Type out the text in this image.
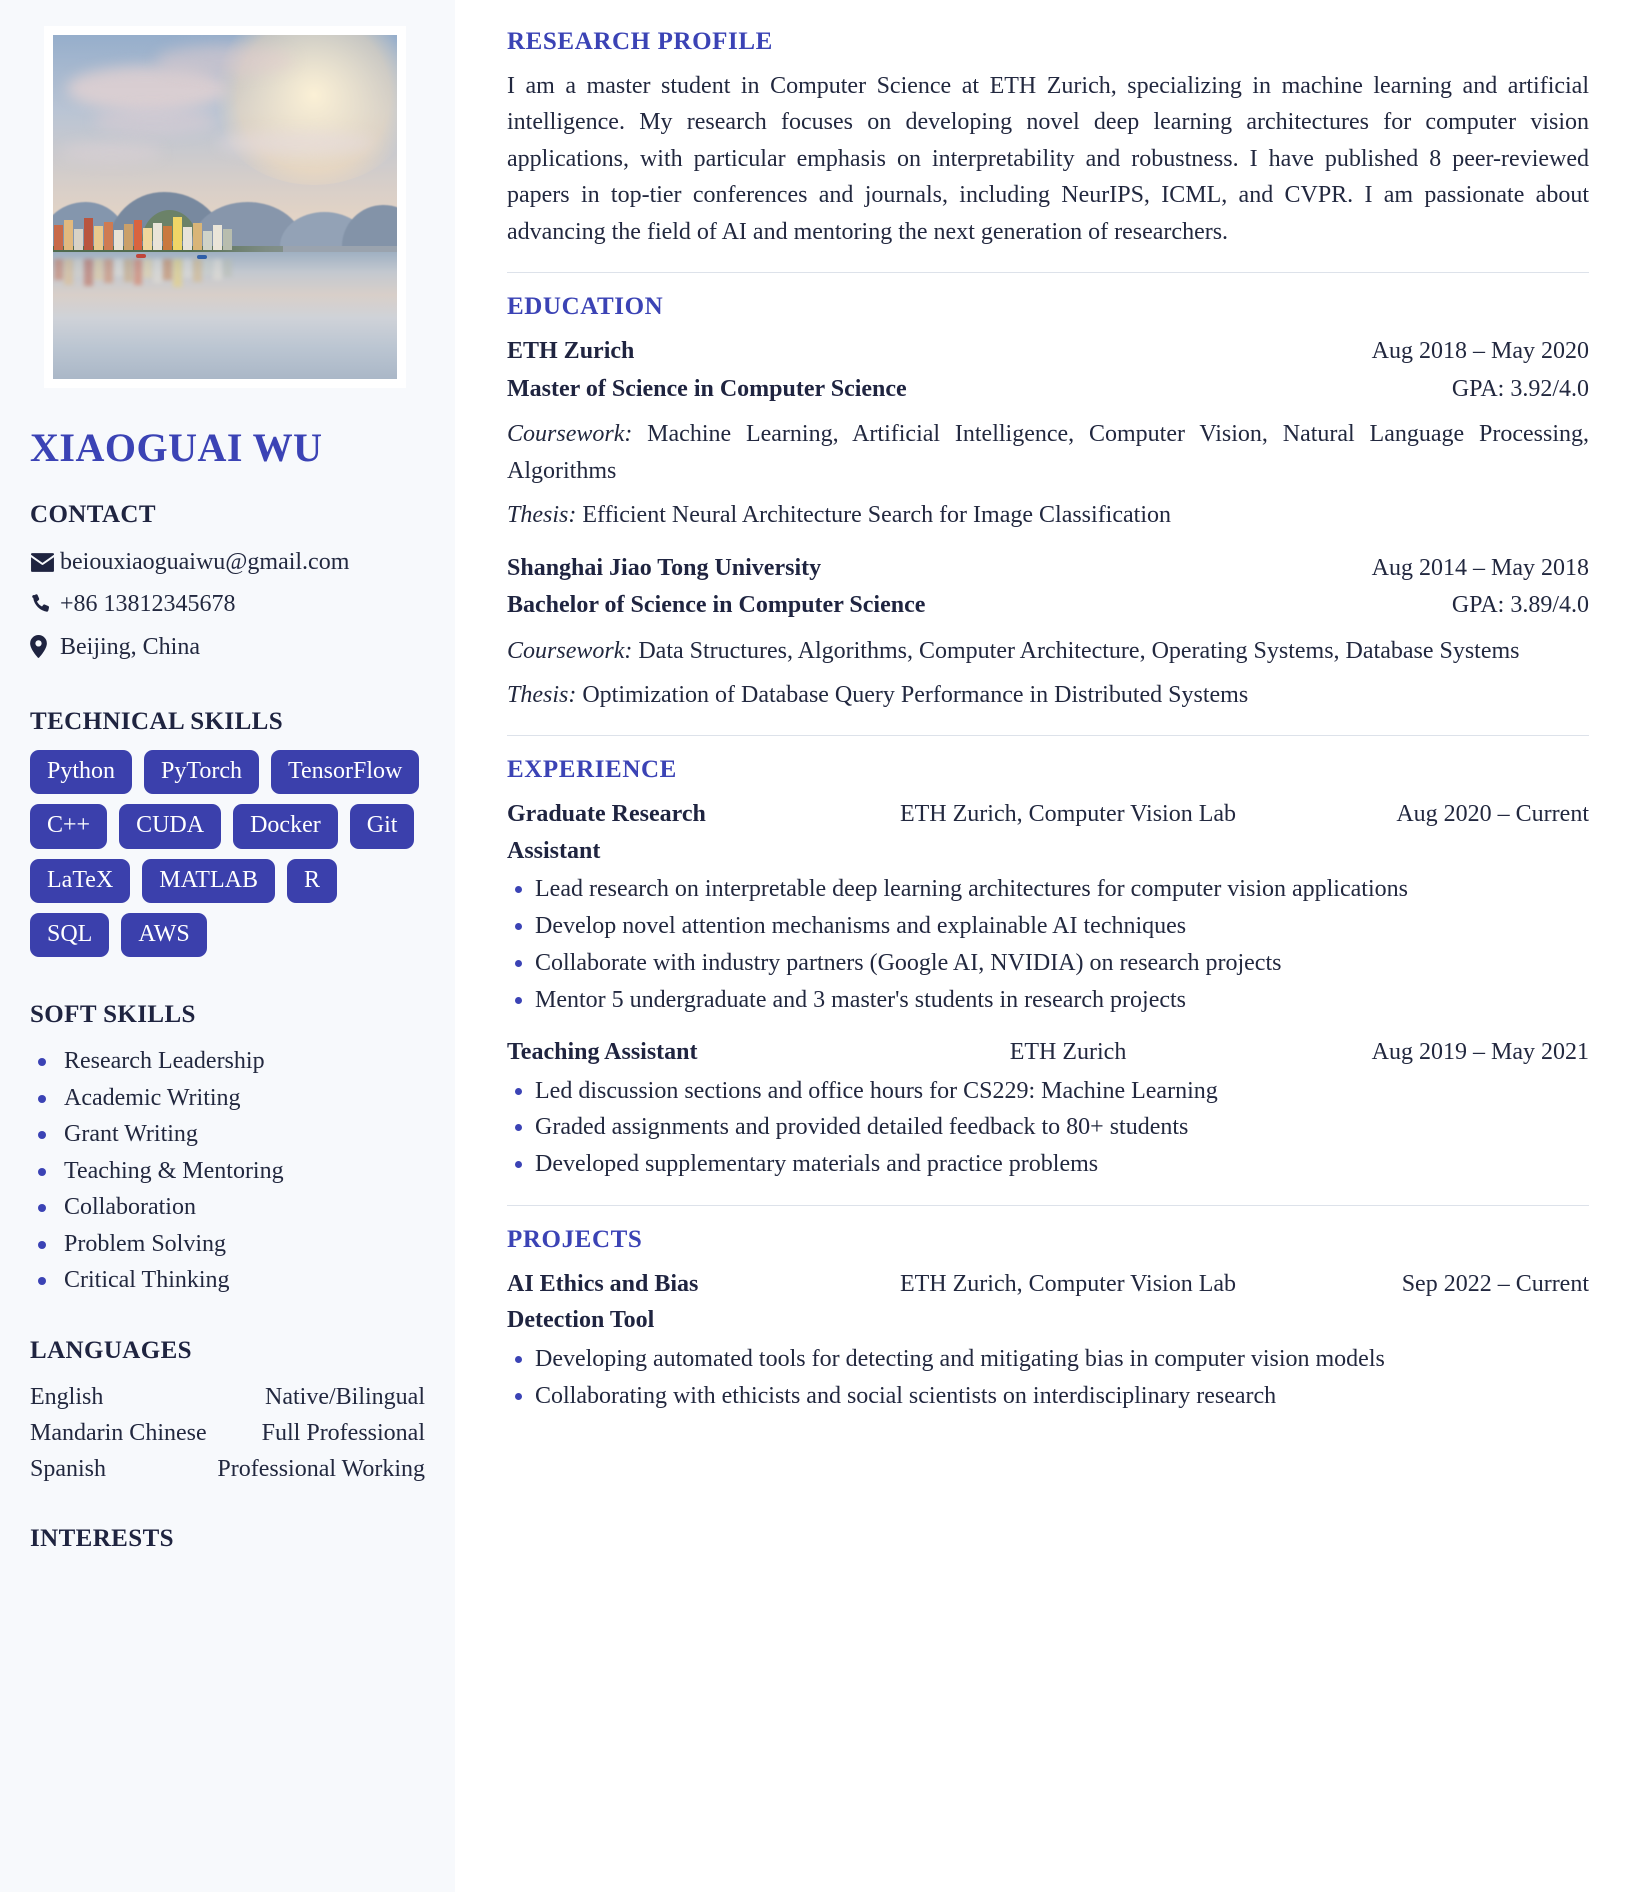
XIAOGUAI WU
CONTACT
beiouxiaoguaiwu@gmail.com
+86 13812345678
Beijing, China
TECHNICAL SKILLS
Python	PyTorch	TensorFlow
C++	CUDA	Docker	Git
LaTeX	MATLAB	R
SQL	AWS
SOFT SKILLS
Research Leadership
Academic Writing
Grant Writing
Teaching & Mentoring
Collaboration
Problem Solving
Critical Thinking
LANGUAGES
English	Native/Bilingual
Mandarin Chinese Full Professional
Spanish	Professional Working
INTERESTS
RESEARCH PROFILE

I am a master student in Computer Science at ETH Zurich, specializing in machine learning and artificial intelligence. My research focuses on developing novel deep learning architectures for computer vision applications, with particular emphasis on interpretability and robustness. I have published 8 peer-reviewed papers in top-tier conferences and journals, including NeurIPS, ICML, and CVPR. I am passionate about advancing the field of AI and mentoring the next generation of researchers.

EDUCATION
ETH Zurich	Aug 2018 – May 2020
Master of Science in Computer Science	GPA: 3.92/4.0

Coursework: Machine Learning, Artificial Intelligence, Computer Vision, Natural Language Processing, Algorithms

Thesis: Efficient Neural Architecture Search for Image Classification

Shanghai Jiao Tong University	Aug 2014 – May 2018
Bachelor of Science in Computer Science	GPA: 3.89/4.0

Coursework: Data Structures, Algorithms, Computer Architecture, Operating Systems, Database Systems

Thesis: Optimization of Database Query Performance in Distributed Systems

EXPERIENCE
Graduate Research Assistant
ETH Zurich, Computer Vision Lab	Aug 2020 – Current
Lead research on interpretable deep learning architectures for computer vision applications
Develop novel attention mechanisms and explainable AI techniques
Collaborate with industry partners (Google AI, NVIDIA) on research projects
Mentor 5 undergraduate and 3 master's students in research projects
Teaching Assistant	ETH Zurich	Aug 2019 – May 2021
Led discussion sections and office hours for CS229: Machine Learning
Graded assignments and provided detailed feedback to 80+ students
Developed supplementary materials and practice problems
PROJECTS
AI Ethics and Bias Detection Tool
ETH Zurich, Computer Vision Lab	Sep 2022 – Current
Developing automated tools for detecting and mitigating bias in computer vision models
Collaborating with ethicists and social scientists on interdisciplinary research
